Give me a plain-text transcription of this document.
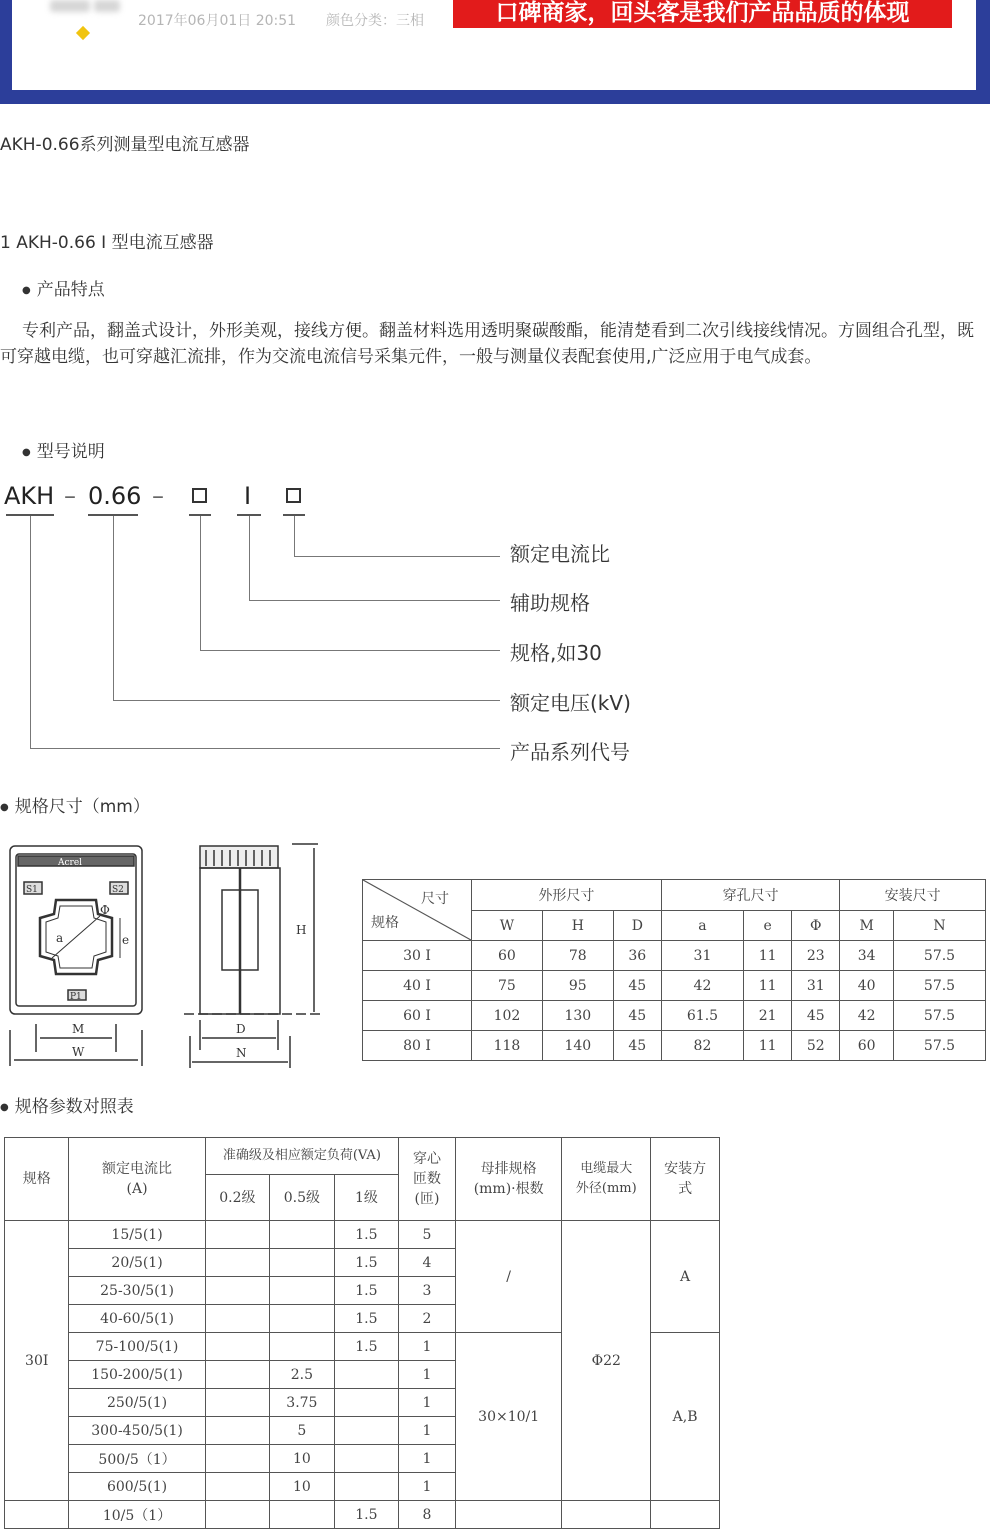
2017年06月01日 20:51 颜色分类：三相	口碑商家，回头客是我们产品品质的体现
AKH-0.66系列测量型电流互感器
1 AKH-0.66 I 型电流互感器
● 产品特点
专利产品，翻盖式设计，外形美观，接线方便。翻盖材料选用透明聚碳酸酯，能清楚看到二次引线接线情况。方圆组合孔型，既可穿越电缆，也可穿越汇流排，作为交流电流信号采集元件，一般与测量仪表配套使用,广泛应用于电气成套。
● 型号说明
AKH – 0.66 –	I
额定电流比
辅助规格
规格,如30
额定电压(kV)
产品系列代号
● 规格尺寸（mm）
Acrel
S1	S2
P1
a	e
Φ
M
W
D
N
H
尺寸
规格	外形尺寸			穿孔尺寸			安装尺寸	
	W	H	D	a	e	Φ	M	N
30 I	60	78	36	31	11	23	34	57.5
40 I	75	95	45	42	11	31	40	57.5
60 I	102	130	45	61.5	21	45	42	57.5
80 I	118	140	45	82	11	52	60	57.5
● 规格参数对照表
规格	额定电流比(A)	准确级及相应额定负荷(VA)			穿心匝数(匝)	母排规格(mm)·根数	电缆最大外径(mm)	安装方式

		0.2级	0.5级	1级				
30I	15/5(1)			1.5	5	/	Φ22	A
	20/5(1)			1.5	4			
	25-30/5(1)			1.5	3			
	40-60/5(1)			1.5	2			
	75-100/5(1)			1.5	1	30×10/1		A,B
	150-200/5(1)		2.5		1			
	250/5(1)		3.75		1			
	300-450/5(1)		5		1			
	500/5（1）		10		1			
	600/5(1)		10		1			
	10/5（1）			1.5	8			
